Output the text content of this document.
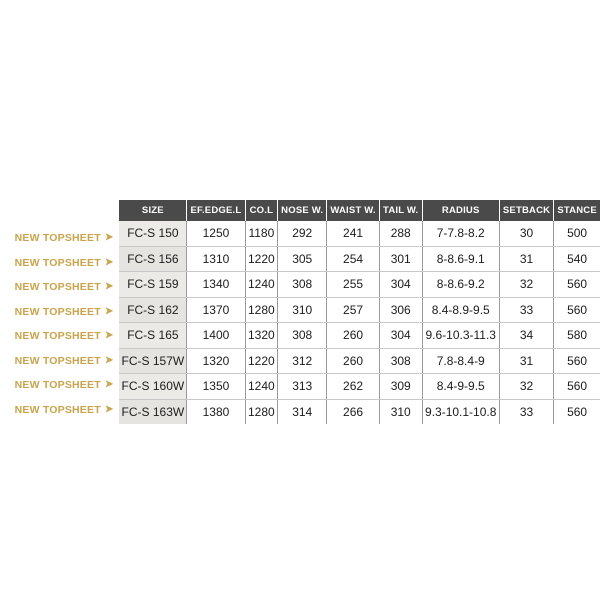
NEW TOPSHEET ➤
NEW TOPSHEET ➤
NEW TOPSHEET ➤
NEW TOPSHEET ➤
NEW TOPSHEET ➤
NEW TOPSHEET ➤
NEW TOPSHEET ➤
NEW TOPSHEET ➤
SIZE	EF.EDGE.L	CO.L	NOSE W.	WAIST W.	TAIL W.	RADIUS	SETBACK	STANCE
FC-S 150	1250	1180	292	241	288	7-7.8-8.2	30	500
FC-S 156	1310	1220	305	254	301	8-8.6-9.1	31	540
FC-S 159	1340	1240	308	255	304	8-8.6-9.2	32	560
FC-S 162	1370	1280	310	257	306	8.4-8.9-9.5	33	560
FC-S 165	1400	1320	308	260	304	9.6-10.3-11.3	34	580
FC-S 157W	1320	1220	312	260	308	7.8-8.4-9	31	560
FC-S 160W	1350	1240	313	262	309	8.4-9-9.5	32	560
FC-S 163W	1380	1280	314	266	310	9.3-10.1-10.8	33	560
